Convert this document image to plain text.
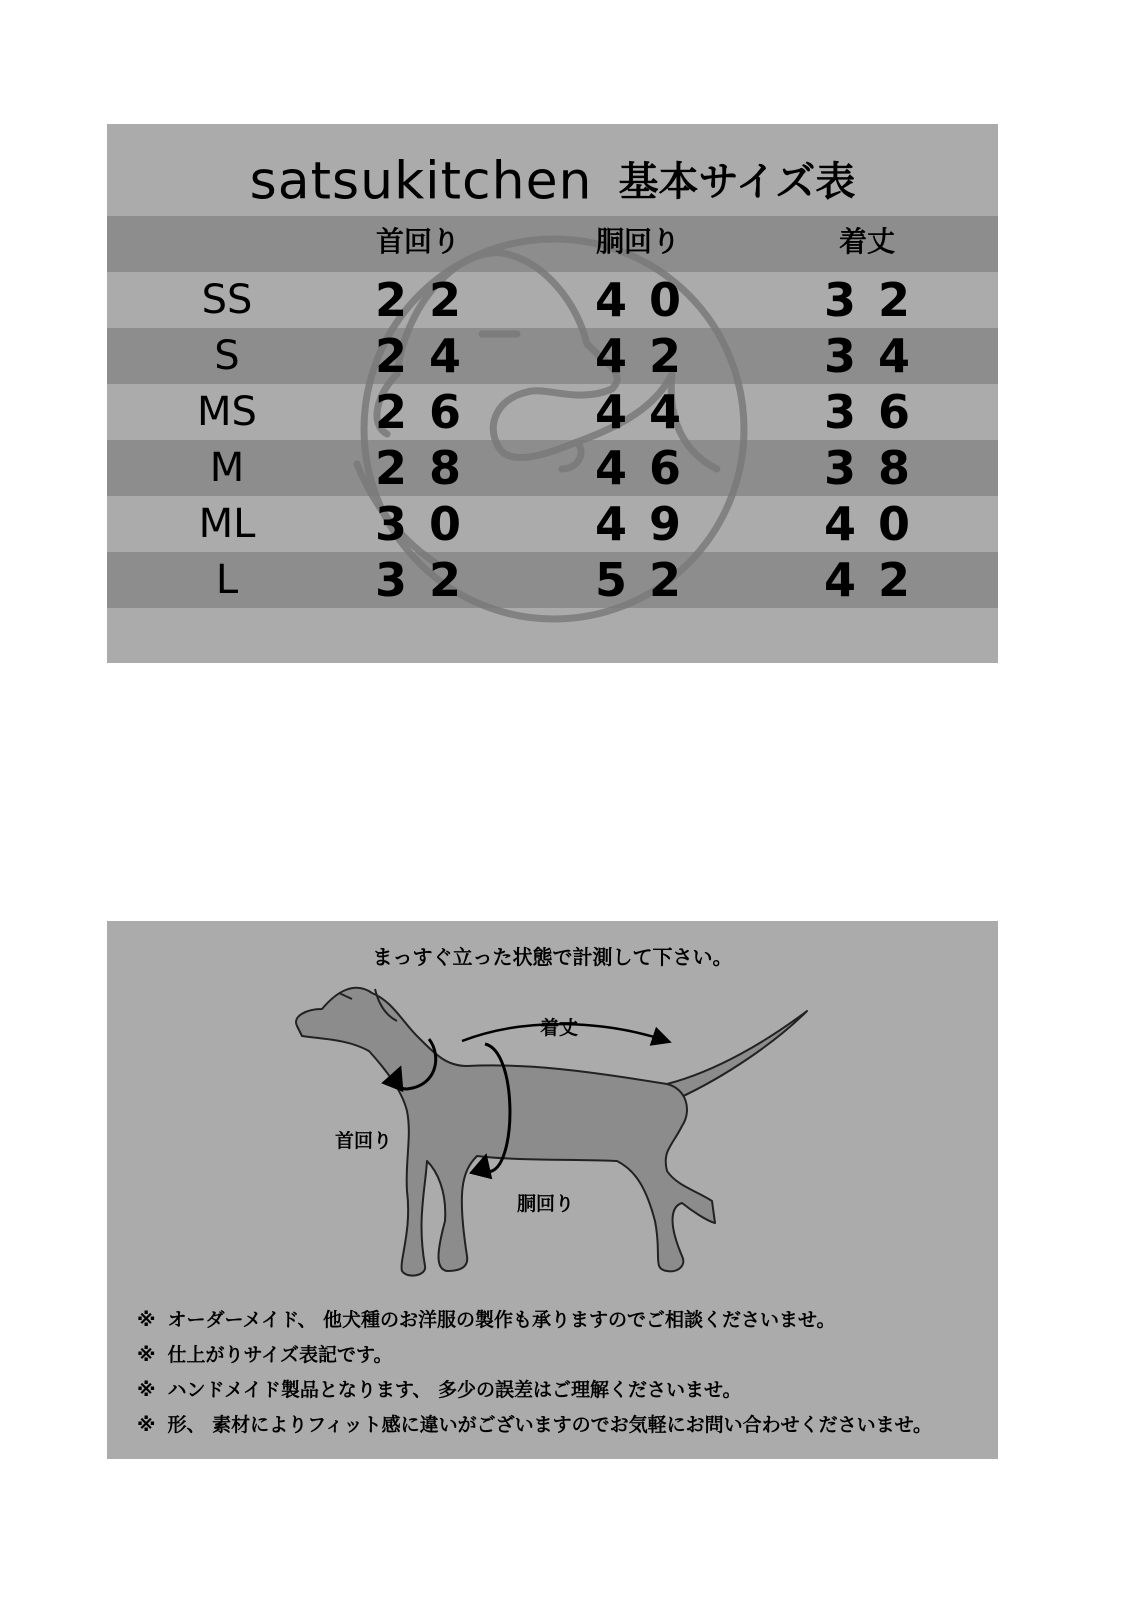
satsukitchen 基本サイズ表
首回り	胴回り	着丈
SS	22	40	32
S	24	42	34
MS	26	44	36
M	28	46	38
ML	30	49	40
L	32	52	42
まっすぐ立った状態で計測して下さい。
着丈
首回り
胴回り
※ オーダーメイド、 他犬種のお洋服の製作も承りますのでご相談くださいませ。
※ 仕上がりサイズ表記です。
※ ハンドメイド製品となります、 多少の誤差はご理解くださいませ。
※ 形、 素材によりフィット感に違いがございますのでお気軽にお問い合わせくださいませ。
